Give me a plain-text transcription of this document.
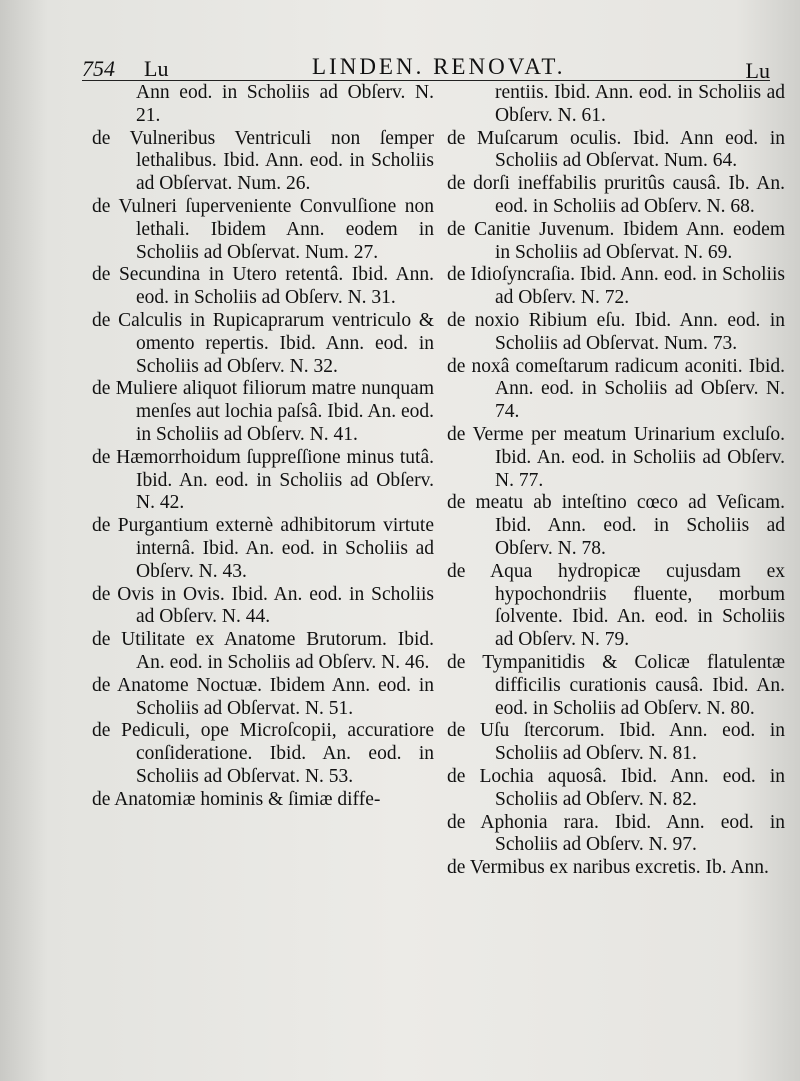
754 Lu	LINDEN. RENOVAT.	Lu

Ann eod. in Scholiis ad Obſerv. N. 21.

de Vulneribus Ventriculi non ſemper lethalibus. Ibid. Ann. eod. in Scholiis ad Obſervat. Num. 26.

de Vulneri ſuperveniente Convulſione non lethali. Ibidem Ann. eodem in Scholiis ad Obſervat. Num. 27.

de Secundina in Utero retentâ. Ibid. Ann. eod. in Scholiis ad Obſerv. N. 31.

de Calculis in Rupicaprarum ventriculo & omento repertis. Ibid. Ann. eod. in Scholiis ad Obſerv. N. 32.

de Muliere aliquot filiorum matre nunquam menſes aut lochia paſsâ. Ibid. An. eod. in Scholiis ad Obſerv. N. 41.

de Hæmorrhoidum ſuppreſſione minus tutâ. Ibid. An. eod. in Scholiis ad Obſerv. N. 42.

de Purgantium externè adhibitorum virtute internâ. Ibid. An. eod. in Scholiis ad Obſerv. N. 43.

de Ovis in Ovis. Ibid. An. eod. in Scholiis ad Obſerv. N. 44.

de Utilitate ex Anatome Brutorum. Ibid. An. eod. in Scholiis ad Obſerv. N. 46.

de Anatome Noctuæ. Ibidem Ann. eod. in Scholiis ad Obſervat. N. 51.

de Pediculi, ope Microſcopii, accuratiore conſideratione. Ibid. An. eod. in Scholiis ad Obſervat. N. 53.

de Anatomiæ hominis & ſimiæ diffe-

rentiis. Ibid. Ann. eod. in Scholiis ad Obſerv. N. 61.

de Muſcarum oculis. Ibid. Ann eod. in Scholiis ad Obſervat. Num. 64.

de dorſi ineffabilis pruritûs causâ. Ib. An. eod. in Scholiis ad Obſerv. N. 68.

de Canitie Juvenum. Ibidem Ann. eodem in Scholiis ad Obſervat. N. 69.

de Idioſyncraſia. Ibid. Ann. eod. in Scholiis ad Obſerv. N. 72.

de noxio Ribium eſu. Ibid. Ann. eod. in Scholiis ad Obſervat. Num. 73.

de noxâ comeſtarum radicum aconiti. Ibid. Ann. eod. in Scholiis ad Obſerv. N. 74.

de Verme per meatum Urinarium excluſo. Ibid. An. eod. in Scholiis ad Obſerv. N. 77.

de meatu ab inteſtino cœco ad Veſicam. Ibid. Ann. eod. in Scholiis ad Obſerv. N. 78.

de Aqua hydropicæ cujusdam ex hypochondriis fluente, morbum ſolvente. Ibid. An. eod. in Scholiis ad Obſerv. N. 79.

de Tympanitidis & Colicæ flatulentæ difficilis curationis causâ. Ibid. An. eod. in Scholiis ad Obſerv. N. 80.

de Uſu ſtercorum. Ibid. Ann. eod. in Scholiis ad Obſerv. N. 81.

de Lochia aquosâ. Ibid. Ann. eod. in Scholiis ad Obſerv. N. 82.

de Aphonia rara. Ibid. Ann. eod. in Scholiis ad Obſerv. N. 97.

de Vermibus ex naribus excretis. Ib. Ann.
